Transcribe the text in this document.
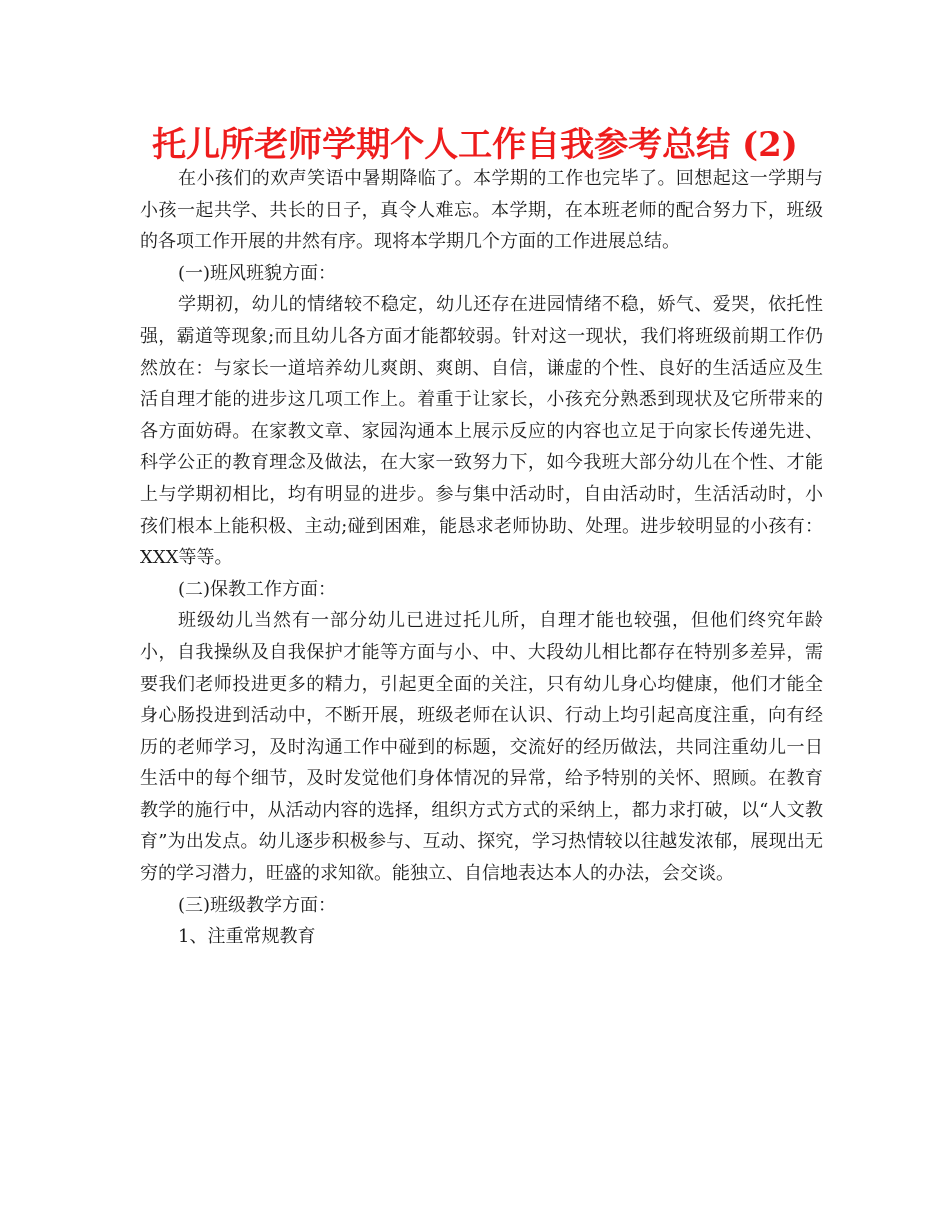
托儿所老师学期个人工作自我参考总结 (2)

在小孩们的欢声笑语中暑期降临了。本学期的工作也完毕了。回想起这一学期与小孩一起共学、共长的日子，真令人难忘。本学期，在本班老师的配合努力下，班级的各项工作开展的井然有序。现将本学期几个方面的工作进展总结。

(一)班风班貌方面：

学期初，幼儿的情绪较不稳定，幼儿还存在进园情绪不稳，娇气、爱哭，依托性强，霸道等现象;而且幼儿各方面才能都较弱。针对这一现状，我们将班级前期工作仍然放在：与家长一道培养幼儿爽朗、爽朗、自信，谦虚的个性、良好的生活适应及生活自理才能的进步这几项工作上。着重于让家长，小孩充分熟悉到现状及它所带来的各方面妨碍。在家教文章、家园沟通本上展示反应的内容也立足于向家长传递先进、科学公正的教育理念及做法，在大家一致努力下，如今我班大部分幼儿在个性、才能上与学期初相比，均有明显的进步。参与集中活动时，自由活动时，生活活动时，小孩们根本上能积极、主动;碰到困难，能恳求老师协助、处理。进步较明显的小孩有：XXX等等。

(二)保教工作方面：

班级幼儿当然有一部分幼儿已进过托儿所，自理才能也较强，但他们终究年龄小，自我操纵及自我保护才能等方面与小、中、大段幼儿相比都存在特别多差异，需要我们老师投进更多的精力，引起更全面的关注，只有幼儿身心均健康，他们才能全身心肠投进到活动中，不断开展，班级老师在认识、行动上均引起高度注重，向有经历的老师学习，及时沟通工作中碰到的标题，交流好的经历做法，共同注重幼儿一日生活中的每个细节，及时发觉他们身体情况的异常，给予特别的关怀、照顾。在教育教学的施行中，从活动内容的选择，组织方式方式的采纳上，都力求打破，以“人文教育”为出发点。幼儿逐步积极参与、互动、探究，学习热情较以往越发浓郁，展现出无穷的学习潜力，旺盛的求知欲。能独立、自信地表达本人的办法，会交谈。

(三)班级教学方面：

1、注重常规教育
